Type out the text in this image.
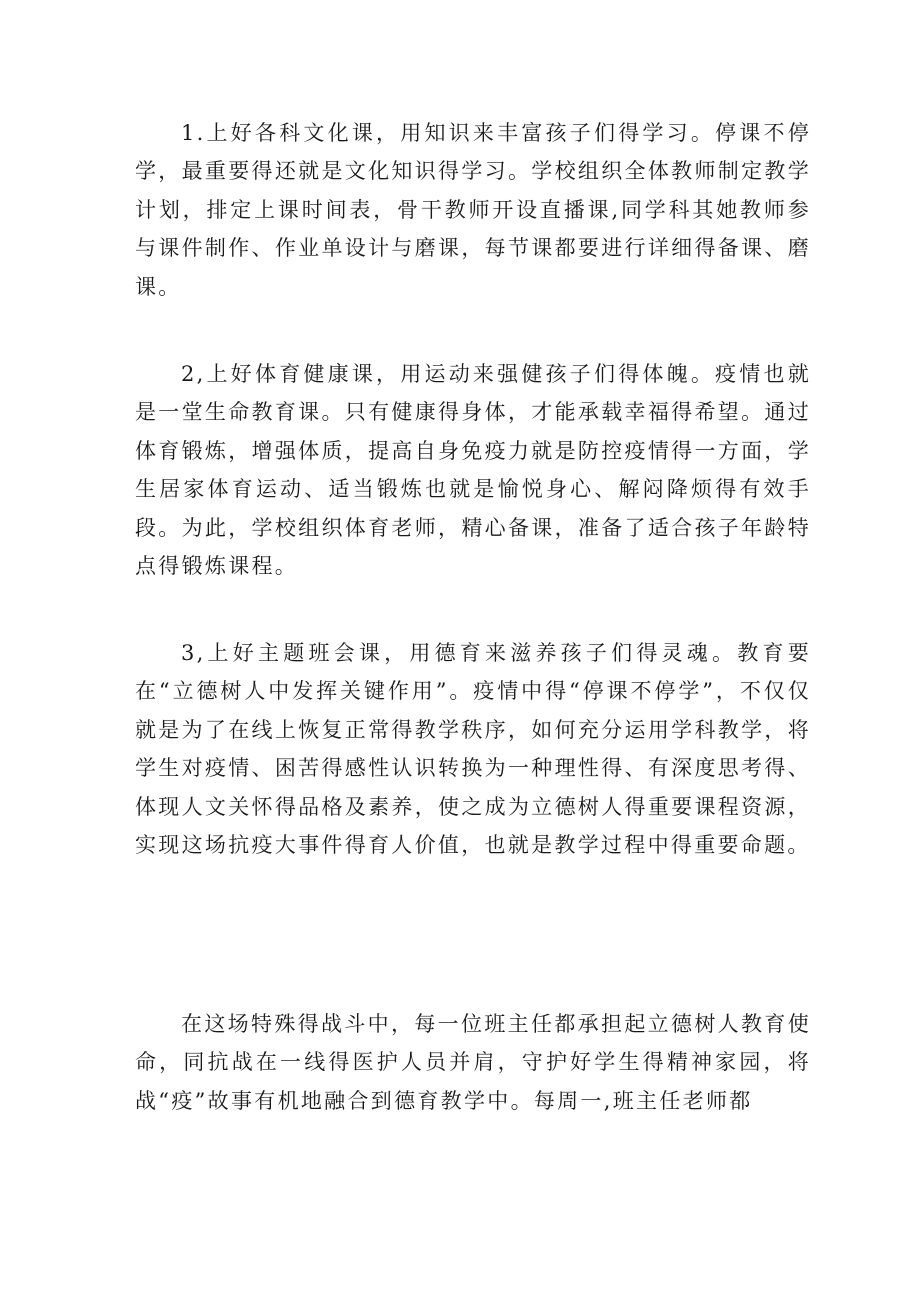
1.上好各科文化课，用知识来丰富孩子们得学习。停课不停学，最重要得还就是文化知识得学习。学校组织全体教师制定教学计划，排定上课时间表，骨干教师开设直播课,同学科其她教师参与课件制作、作业单设计与磨课，每节课都要进行详细得备课、磨课。

2,上好体育健康课，用运动来强健孩子们得体魄。疫情也就是一堂生命教育课。只有健康得身体，才能承载幸福得希望。通过体育锻炼，增强体质，提高自身免疫力就是防控疫情得一方面，学生居家体育运动、适当锻炼也就是愉悦身心、解闷降烦得有效手段。为此，学校组织体育老师，精心备课，准备了适合孩子年龄特点得锻炼课程。

3,上好主题班会课，用德育来滋养孩子们得灵魂。教育要在“立德树人中发挥关键作用”。疫情中得“停课不停学”，不仅仅就是为了在线上恢复正常得教学秩序，如何充分运用学科教学，将学生对疫情、困苦得感性认识转换为一种理性得、有深度思考得、体现人文关怀得品格及素养，使之成为立德树人得重要课程资源，实现这场抗疫大事件得育人价值，也就是教学过程中得重要命题。

在这场特殊得战斗中，每一位班主任都承担起立德树人教育使命，同抗战在一线得医护人员并肩，守护好学生得精神家园，将战“疫”故事有机地融合到德育教学中。每周一,班主任老师都
